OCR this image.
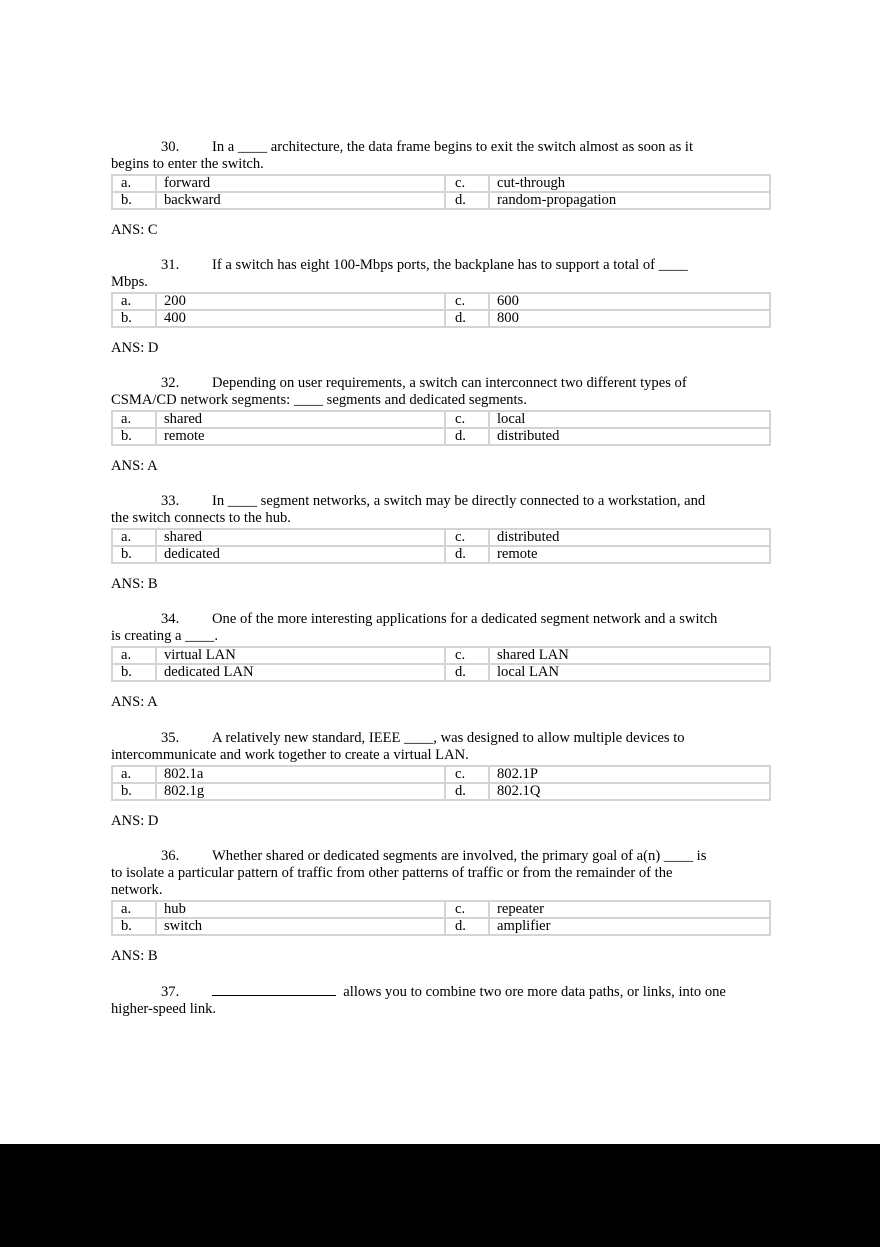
30. In a ____ architecture, the data frame begins to exit the switch almost as soon as it

begins to enter the switch.

a.	forward	c.	cut-through
b.	backward	d.	random-propagation
ANS: C

31. If a switch has eight 100-Mbps ports, the backplane has to support a total of ____

Mbps.

a.	200	c.	600
b.	400	d.	800
ANS: D

32. Depending on user requirements, a switch can interconnect two different types of

CSMA/CD network segments: ____ segments and dedicated segments.

a.	shared	c.	local
b.	remote	d.	distributed
ANS: A

33. In ____ segment networks, a switch may be directly connected to a workstation, and

the switch connects to the hub.

a.	shared	c.	distributed
b.	dedicated	d.	remote
ANS: B

34. One of the more interesting applications for a dedicated segment network and a switch

is creating a ____.

a.	virtual LAN	c.	shared LAN
b.	dedicated LAN	d.	local LAN
ANS: A

35. A relatively new standard, IEEE ____, was designed to allow multiple devices to

intercommunicate and work together to create a virtual LAN.

a.	802.1a	c.	802.1P
b.	802.1g	d.	802.1Q
ANS: D

36. Whether shared or dedicated segments are involved, the primary goal of a(n) ____ is

to isolate a particular pattern of traffic from other patterns of traffic or from the remainder of the

network.

a.	hub	c.	repeater
b.	switch	d.	amplifier
ANS: B

37.	allows you to combine two ore more data paths, or links, into one

higher-speed link.
